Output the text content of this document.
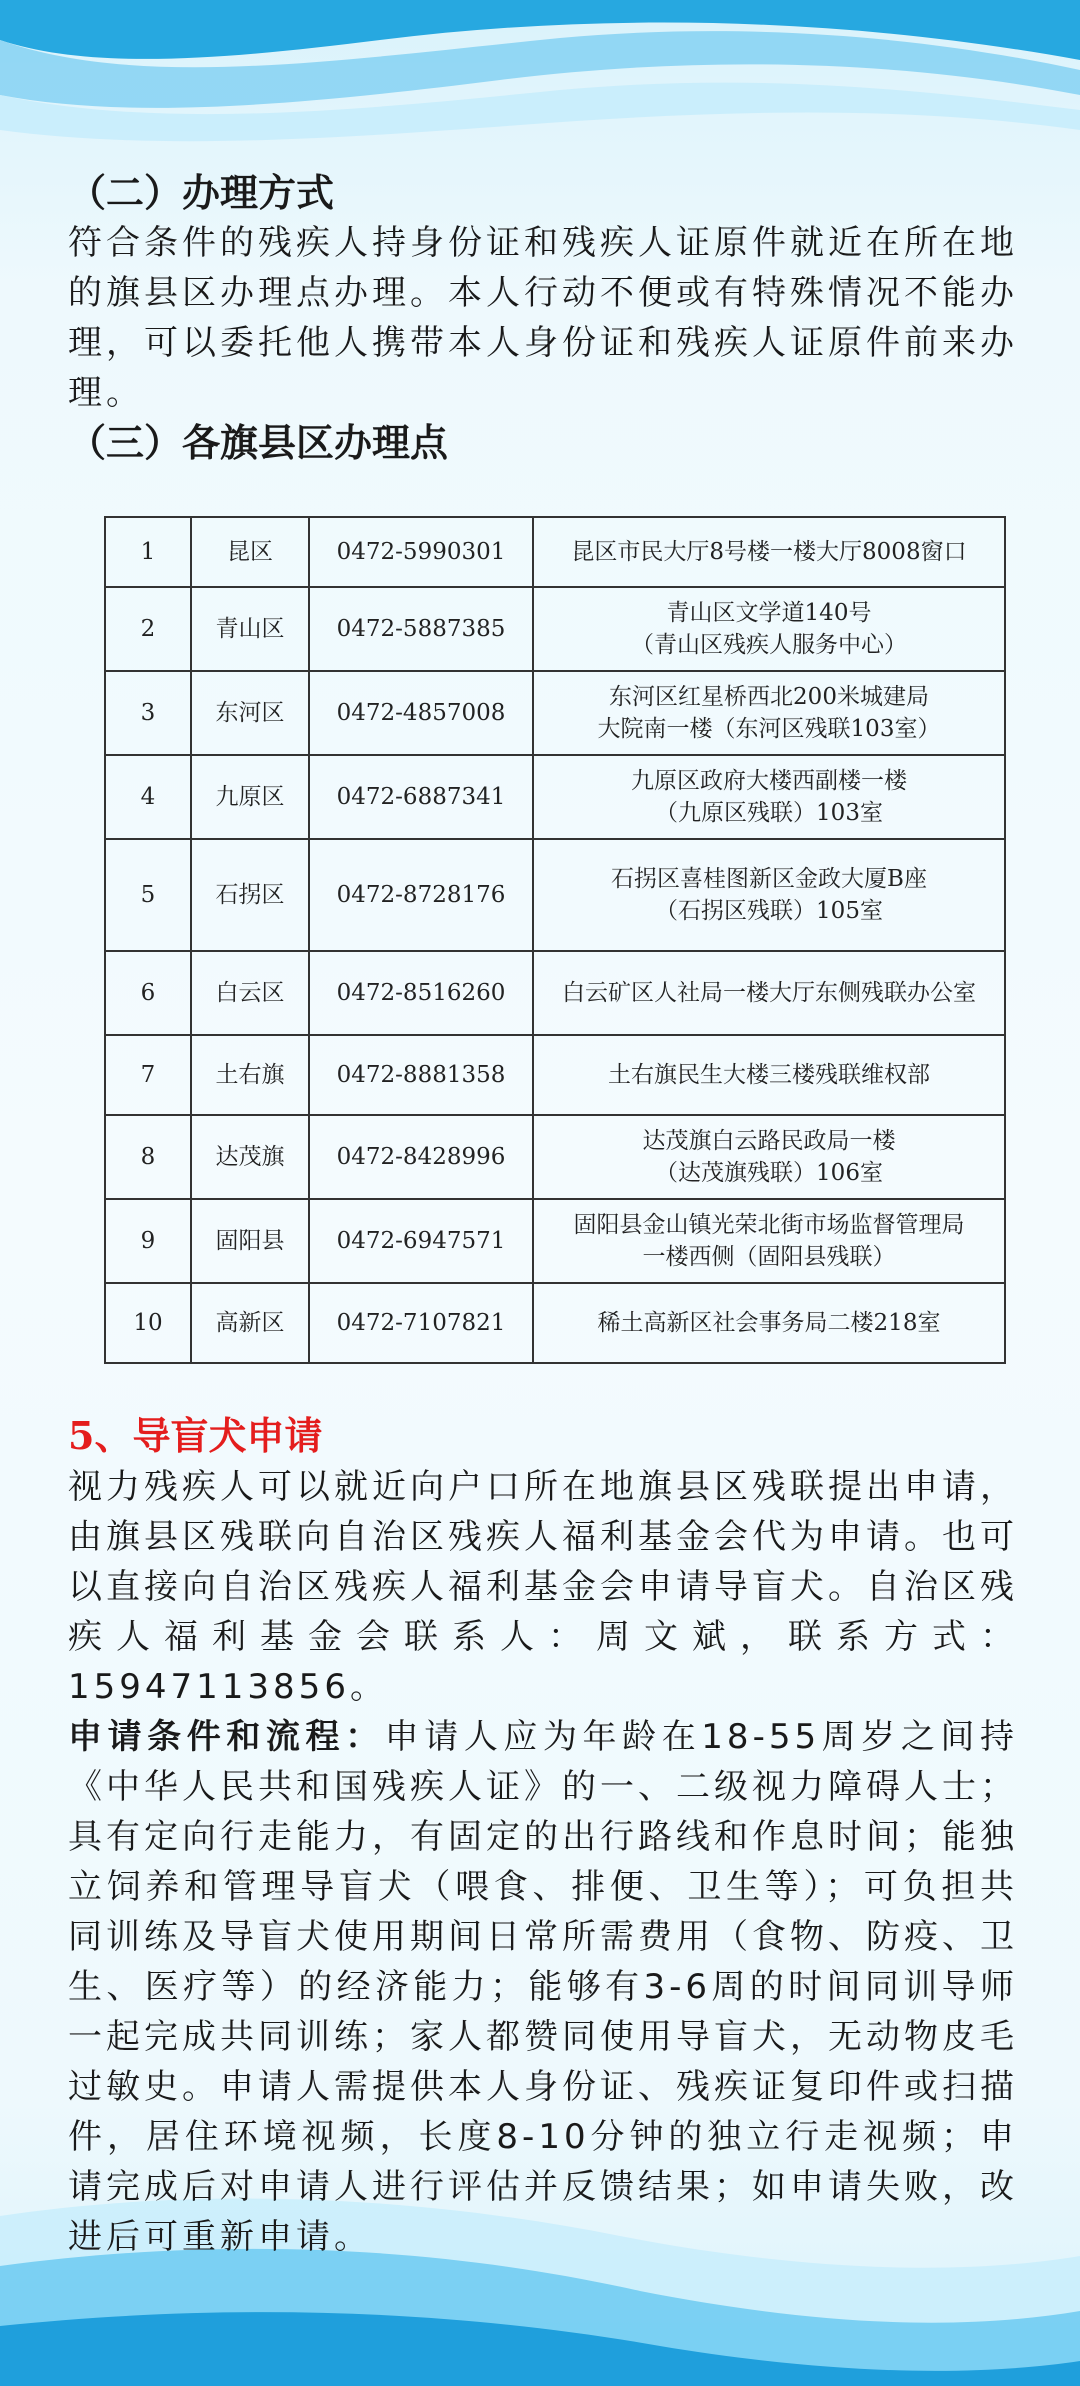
（二）办理方式

符合条件的残疾人持身份证和残疾人证原件就近在所在地的旗县区办理点办理。本人行动不便或有特殊情况不能办理，可以委托他人携带本人身份证和残疾人证原件前来办理。

（三）各旗县区办理点
1	昆区	0472-5990301	昆区市民大厅8号楼一楼大厅8008窗口

2	青山区	0472-5887385	青山区文学道140号
（青山区残疾人服务中心）

3	东河区	0472-4857008	东河区红星桥西北200米城建局
大院南一楼（东河区残联103室）

4	九原区	0472-6887341	九原区政府大楼西副楼一楼
（九原区残联）103室

5	石拐区	0472-8728176	石拐区喜桂图新区金政大厦B座
（石拐区残联）105室

6	白云区	0472-8516260	白云矿区人社局一楼大厅东侧残联办公室

7	土右旗	0472-8881358	土右旗民生大楼三楼残联维权部

8	达茂旗	0472-8428996	达茂旗白云路民政局一楼
（达茂旗残联）106室

9	固阳县	0472-6947571	固阳县金山镇光荣北街市场监督管理局
一楼西侧（固阳县残联）

10	高新区	0472-7107821	稀土高新区社会事务局二楼218室
5、导盲犬申请

视力残疾人可以就近向户口所在地旗县区残联提出申请，由旗县区残联向自治区残疾人福利基金会代为申请。也可以直接向自治区残疾人福利基金会申请导盲犬。自治区残疾人福利基金会联系人：周文斌，联系方式：15947113856。

申请条件和流程：申请人应为年龄在18-55周岁之间持《中华人民共和国残疾人证》的一、二级视力障碍人士；具有定向行走能力，有固定的出行路线和作息时间；能独立饲养和管理导盲犬（喂食、排便、卫生等）；可负担共同训练及导盲犬使用期间日常所需费用（食物、防疫、卫生、医疗等）的经济能力；能够有3-6周的时间同训导师一起完成共同训练；家人都赞同使用导盲犬，无动物皮毛过敏史。申请人需提供本人身份证、残疾证复印件或扫描件，居住环境视频，长度8-10分钟的独立行走视频；申请完成后对申请人进行评估并反馈结果；如申请失败，改进后可重新申请。
